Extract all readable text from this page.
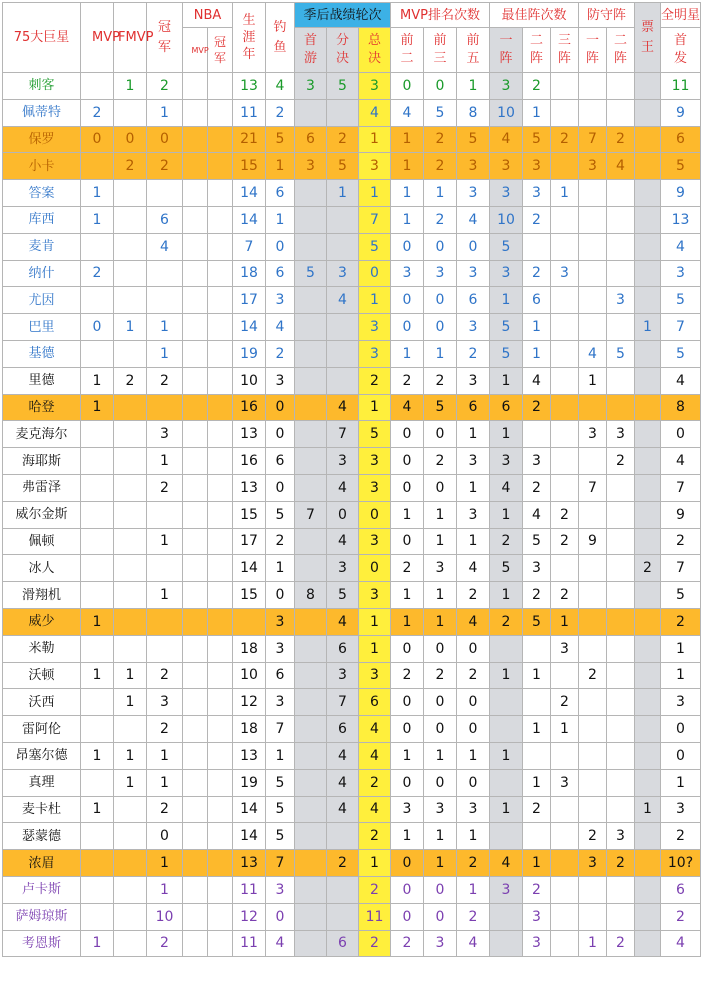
75大巨星	MVP	FMVP	冠军	NBA		生涯年	钓鱼	季后战绩轮次			MVP排名次数			最佳阵次数			防守阵		票王	全明星

				MVP	冠军			首游	分决	总决	前二	前三	前五	一阵	二阵	三阵	一阵	二阵		首发

刺客		1	2			13	4	3	5	3	0	0	1	3	2					11
佩蒂特	2		1			11	2			4	4	5	8	10	1					9
保罗	0	0	0			21	5	6	2	1	1	2	5	4	5	2	7	2		6
小卡		2	2			15	1	3	5	3	1	2	3	3	3		3	4		5
答案	1					14	6		1	1	1	1	3	3	3	1				9
库西	1		6			14	1			7	1	2	4	10	2					13
麦肯			4			7	0			5	0	0	0	5						4
纳什	2					18	6	5	3	0	3	3	3	3	2	3				3
尤因						17	3		4	1	0	0	6	1	6			3		5
巴里	0	1	1			14	4			3	0	0	3	5	1				1	7
基德			1			19	2			3	1	1	2	5	1		4	5		5
里德	1	2	2			10	3			2	2	2	3	1	4		1			4
哈登	1					16	0		4	1	4	5	6	6	2					8
麦克海尔			3			13	0		7	5	0	0	1	1			3	3		0
海耶斯			1			16	6		3	3	0	2	3	3	3			2		4
弗雷泽			2			13	0		4	3	0	0	1	4	2		7			7
威尔金斯						15	5	7	0	0	1	1	3	1	4	2				9
佩顿			1			17	2		4	3	0	1	1	2	5	2	9			2
冰人						14	1		3	0	2	3	4	5	3				2	7
滑翔机			1			15	0	8	5	3	1	1	2	1	2	2				5
威少	1						3		4	1	1	1	4	2	5	1				2
米勒						18	3		6	1	0	0	0			3				1
沃顿	1	1	2			10	6		3	3	2	2	2	1	1		2			1
沃西		1	3			12	3		7	6	0	0	0			2				3
雷阿伦			2			18	7		6	4	0	0	0		1	1				0
昂塞尔德	1	1	1			13	1		4	4	1	1	1	1						0
真理		1	1			19	5		4	2	0	0	0		1	3				1
麦卡杜	1		2			14	5		4	4	3	3	3	1	2				1	3
瑟蒙德			0			14	5			2	1	1	1				2	3		2
浓眉			1			13	7		2	1	0	1	2	4	1		3	2		10?
卢卡斯			1			11	3			2	0	0	1	3	2					6
萨姆琼斯			10			12	0			11	0	0	2		3					2
考恩斯	1		2			11	4		6	2	2	3	4		3		1	2		4
